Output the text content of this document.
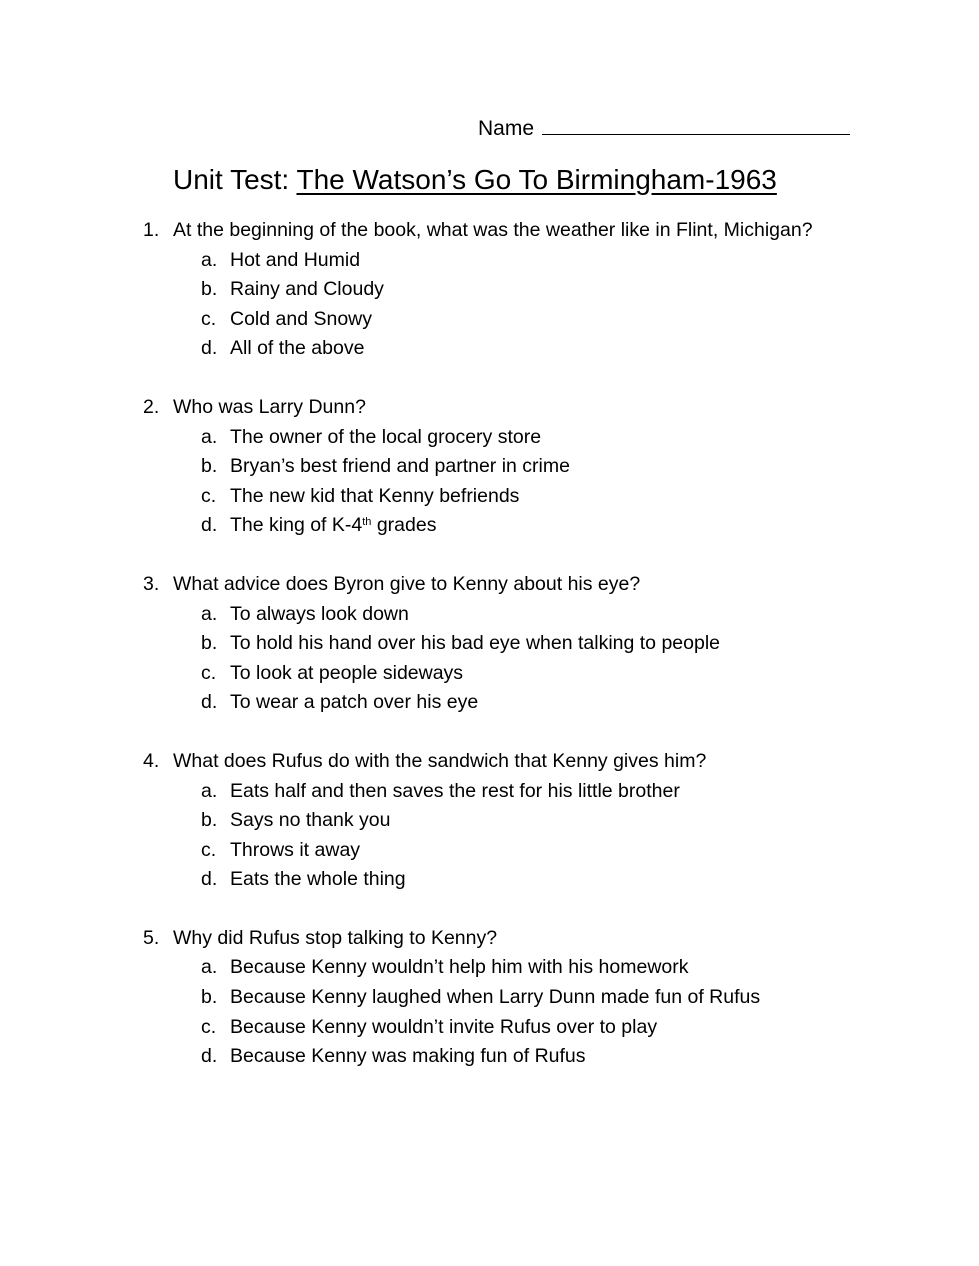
Name
Unit Test: The Watson’s Go To Birmingham-1963
1. At the beginning of the book, what was the weather like in Flint, Michigan?
a. Hot and Humid
b. Rainy and Cloudy
c. Cold and Snowy
d. All of the above
2. Who was Larry Dunn?
a. The owner of the local grocery store
b. Bryan’s best friend and partner in crime
c. The new kid that Kenny befriends
d. The king of K-4th grades
3. What advice does Byron give to Kenny about his eye?
a. To always look down
b. To hold his hand over his bad eye when talking to people
c. To look at people sideways
d. To wear a patch over his eye
4. What does Rufus do with the sandwich that Kenny gives him?
a. Eats half and then saves the rest for his little brother
b. Says no thank you
c. Throws it away
d. Eats the whole thing
5. Why did Rufus stop talking to Kenny?
a. Because Kenny wouldn’t help him with his homework
b. Because Kenny laughed when Larry Dunn made fun of Rufus
c. Because Kenny wouldn’t invite Rufus over to play
d. Because Kenny was making fun of Rufus
